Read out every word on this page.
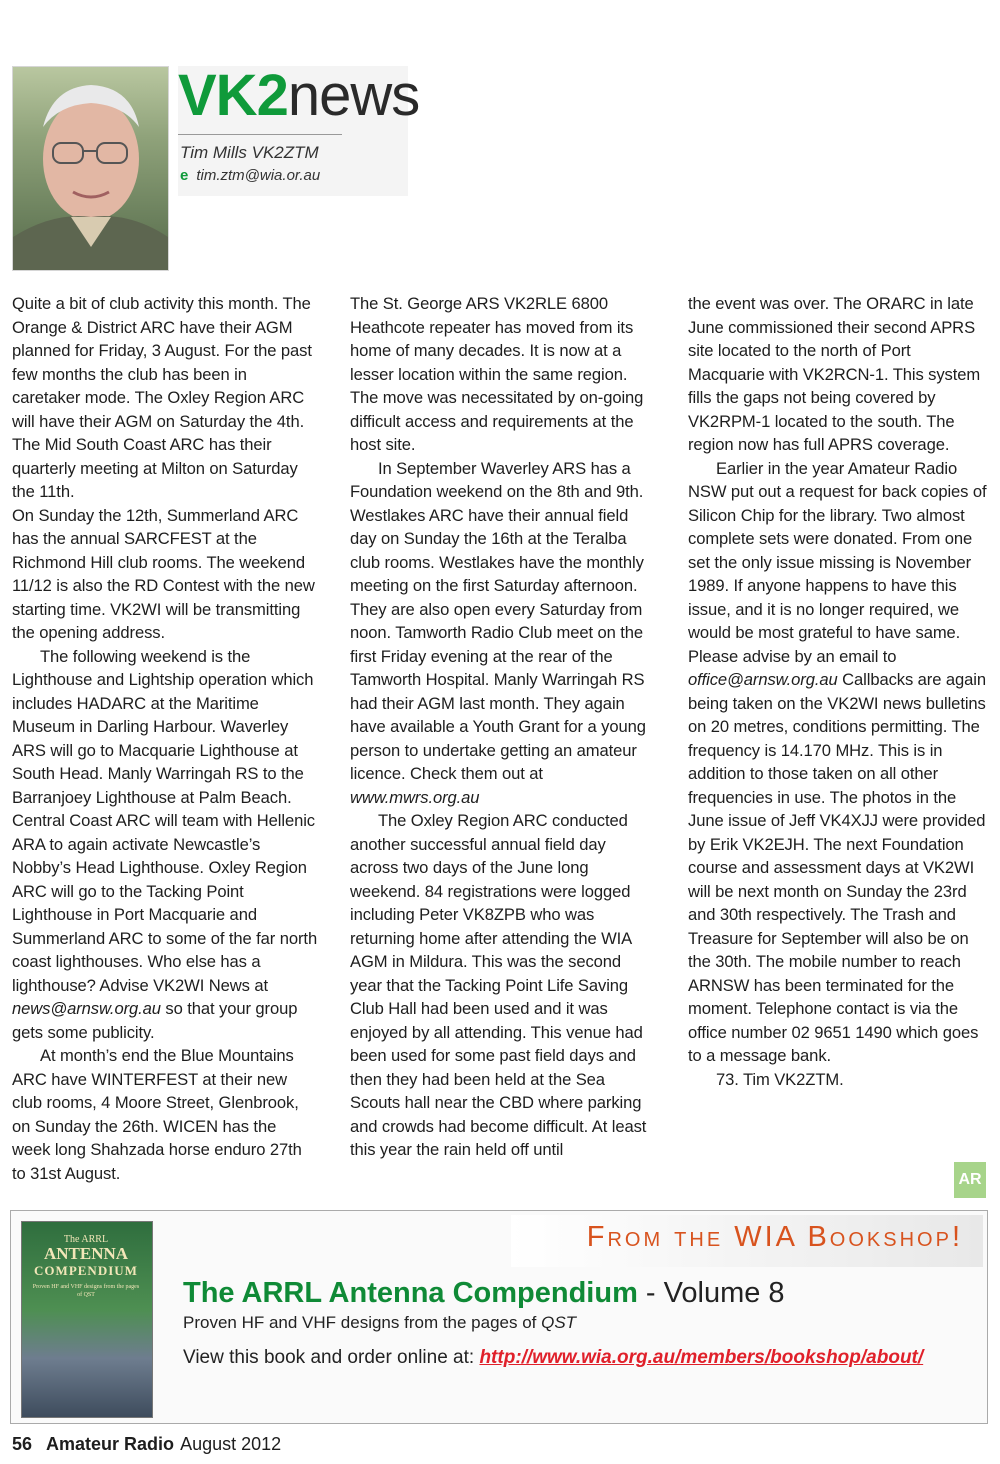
VK2news
Tim Mills VK2ZTM
e tim.ztm@wia.or.au

Quite a bit of club activity this month. The Orange & District ARC have their AGM planned for Friday, 3 August. For the past few months the club has been in caretaker mode. The Oxley Region ARC will have their AGM on Saturday the 4th. The Mid South Coast ARC has their quarterly meeting at Milton on Saturday the 11th.

On Sunday the 12th, Summerland ARC has the annual SARCFEST at the Richmond Hill club rooms. The weekend 11/12 is also the RD Contest with the new starting time. VK2WI will be transmitting the opening address.

The following weekend is the Lighthouse and Lightship operation which includes HADARC at the Maritime Museum in Darling Harbour. Waverley ARS will go to Macquarie Lighthouse at South Head. Manly Warringah RS to the Barranjoey Lighthouse at Palm Beach. Central Coast ARC will team with Hellenic ARA to again activate Newcastle’s Nobby’s Head Lighthouse. Oxley Region ARC will go to the Tacking Point Lighthouse in Port Macquarie and Summerland ARC to some of the far north coast lighthouses. Who else has a lighthouse? Advise VK2WI News at news@arnsw.org.au so that your group gets some publicity.

At month’s end the Blue Mountains ARC have WINTERFEST at their new club rooms, 4 Moore Street, Glenbrook, on Sunday the 26th. WICEN has the week long Shahzada horse enduro 27th to 31st August.

The St. George ARS VK2RLE 6800 Heathcote repeater has moved from its home of many decades. It is now at a lesser location within the same region. The move was necessitated by on-going difficult access and requirements at the host site.

In September Waverley ARS has a Foundation weekend on the 8th and 9th. Westlakes ARC have their annual field day on Sunday the 16th at the Teralba club rooms. Westlakes have the monthly meeting on the first Saturday afternoon. They are also open every Saturday from noon. Tamworth Radio Club meet on the first Friday evening at the rear of the Tamworth Hospital. Manly Warringah RS had their AGM last month. They again have available a Youth Grant for a young person to undertake getting an amateur licence. Check them out at www.mwrs.org.au

The Oxley Region ARC conducted another successful annual field day across two days of the June long weekend. 84 registrations were logged including Peter VK8ZPB who was returning home after attending the WIA AGM in Mildura. This was the second year that the Tacking Point Life Saving Club Hall had been used and it was enjoyed by all attending. This venue had been used for some past field days and then they had been held at the Sea Scouts hall near the CBD where parking and crowds had become difficult. At least this year the rain held off until

the event was over. The ORARC in late June commissioned their second APRS site located to the north of Port Macquarie with VK2RCN-1. This system fills the gaps not being covered by VK2RPM-1 located to the south. The region now has full APRS coverage.

Earlier in the year Amateur Radio NSW put out a request for back copies of Silicon Chip for the library. Two almost complete sets were donated. From one set the only issue missing is November 1989. If anyone happens to have this issue, and it is no longer required, we would be most grateful to have same. Please advise by an email to office@arnsw.org.au Callbacks are again being taken on the VK2WI news bulletins on 20 metres, conditions permitting. The frequency is 14.170 MHz. This is in addition to those taken on all other frequencies in use. The photos in the June issue of Jeff VK4XJJ were provided by Erik VK2EJH. The next Foundation course and assessment days at VK2WI will be next month on Sunday the 23rd and 30th respectively. The Trash and Treasure for September will also be on the 30th. The mobile number to reach ARNSW has been terminated for the moment. Telephone contact is via the office number 02 9651 1490 which goes to a message bank.

73. Tim VK2ZTM.

AR
From the WIA Bookshop!
The ARRL
ANTENNA
COMPENDIUM
Proven HF and VHF designs from the pages of QST	The ARRL Antenna Compendium - Volume 8
Proven HF and VHF designs from the pages of QST
View this book and order online at: http://www.wia.org.au/members/bookshop/about/
56 Amateur Radio August 2012
